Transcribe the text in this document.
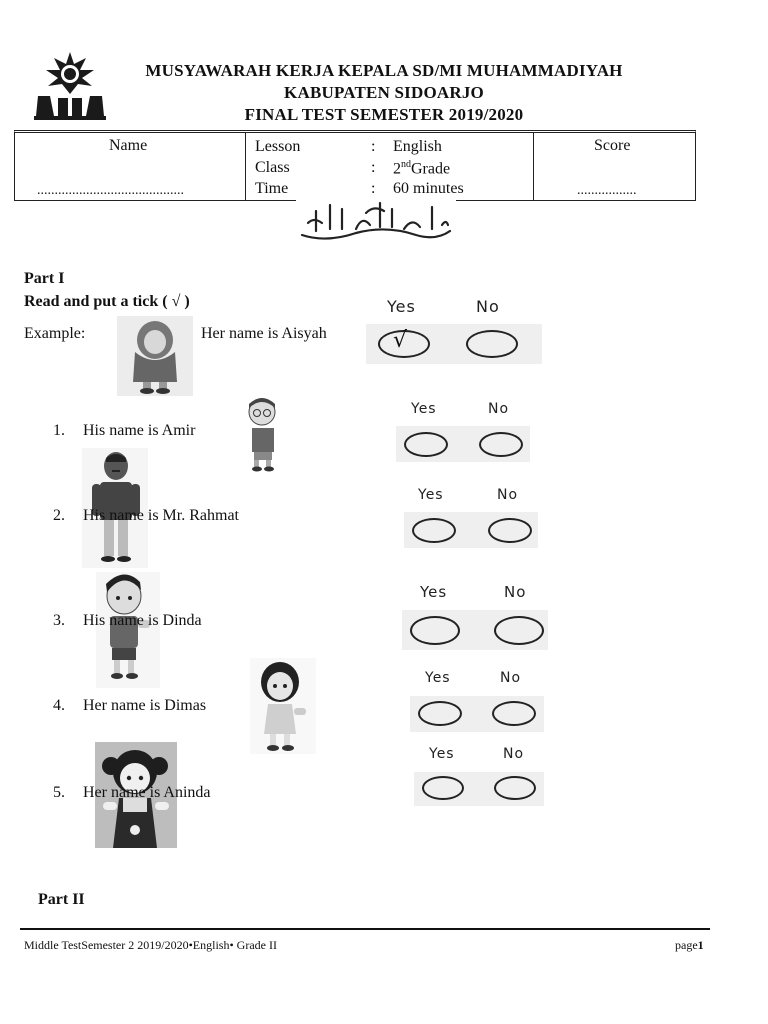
MUSYAWARAH KERJA KEPALA SD/MI MUHAMMADIYAH
KABUPATEN SIDOARJO
FINAL TEST SEMESTER 2019/2020
Name
..........................................
Lesson	: English
Class	: 2ndGrade
Time	: 60 minutes
Score
.................
Part I
Read and put a tick ( √ )
Example:	Her name is Aisyah
Yes	No
√
1. His name is Amir
Yes	No
2. His name is Mr. Rahmat
Yes	No
3. His name is Dinda
Yes	No
4. Her name is Dimas
Yes	No
5. Her name is Aninda
Yes	No
Part II
Middle TestSemester 2 2019/2020•English• Grade II	page1
